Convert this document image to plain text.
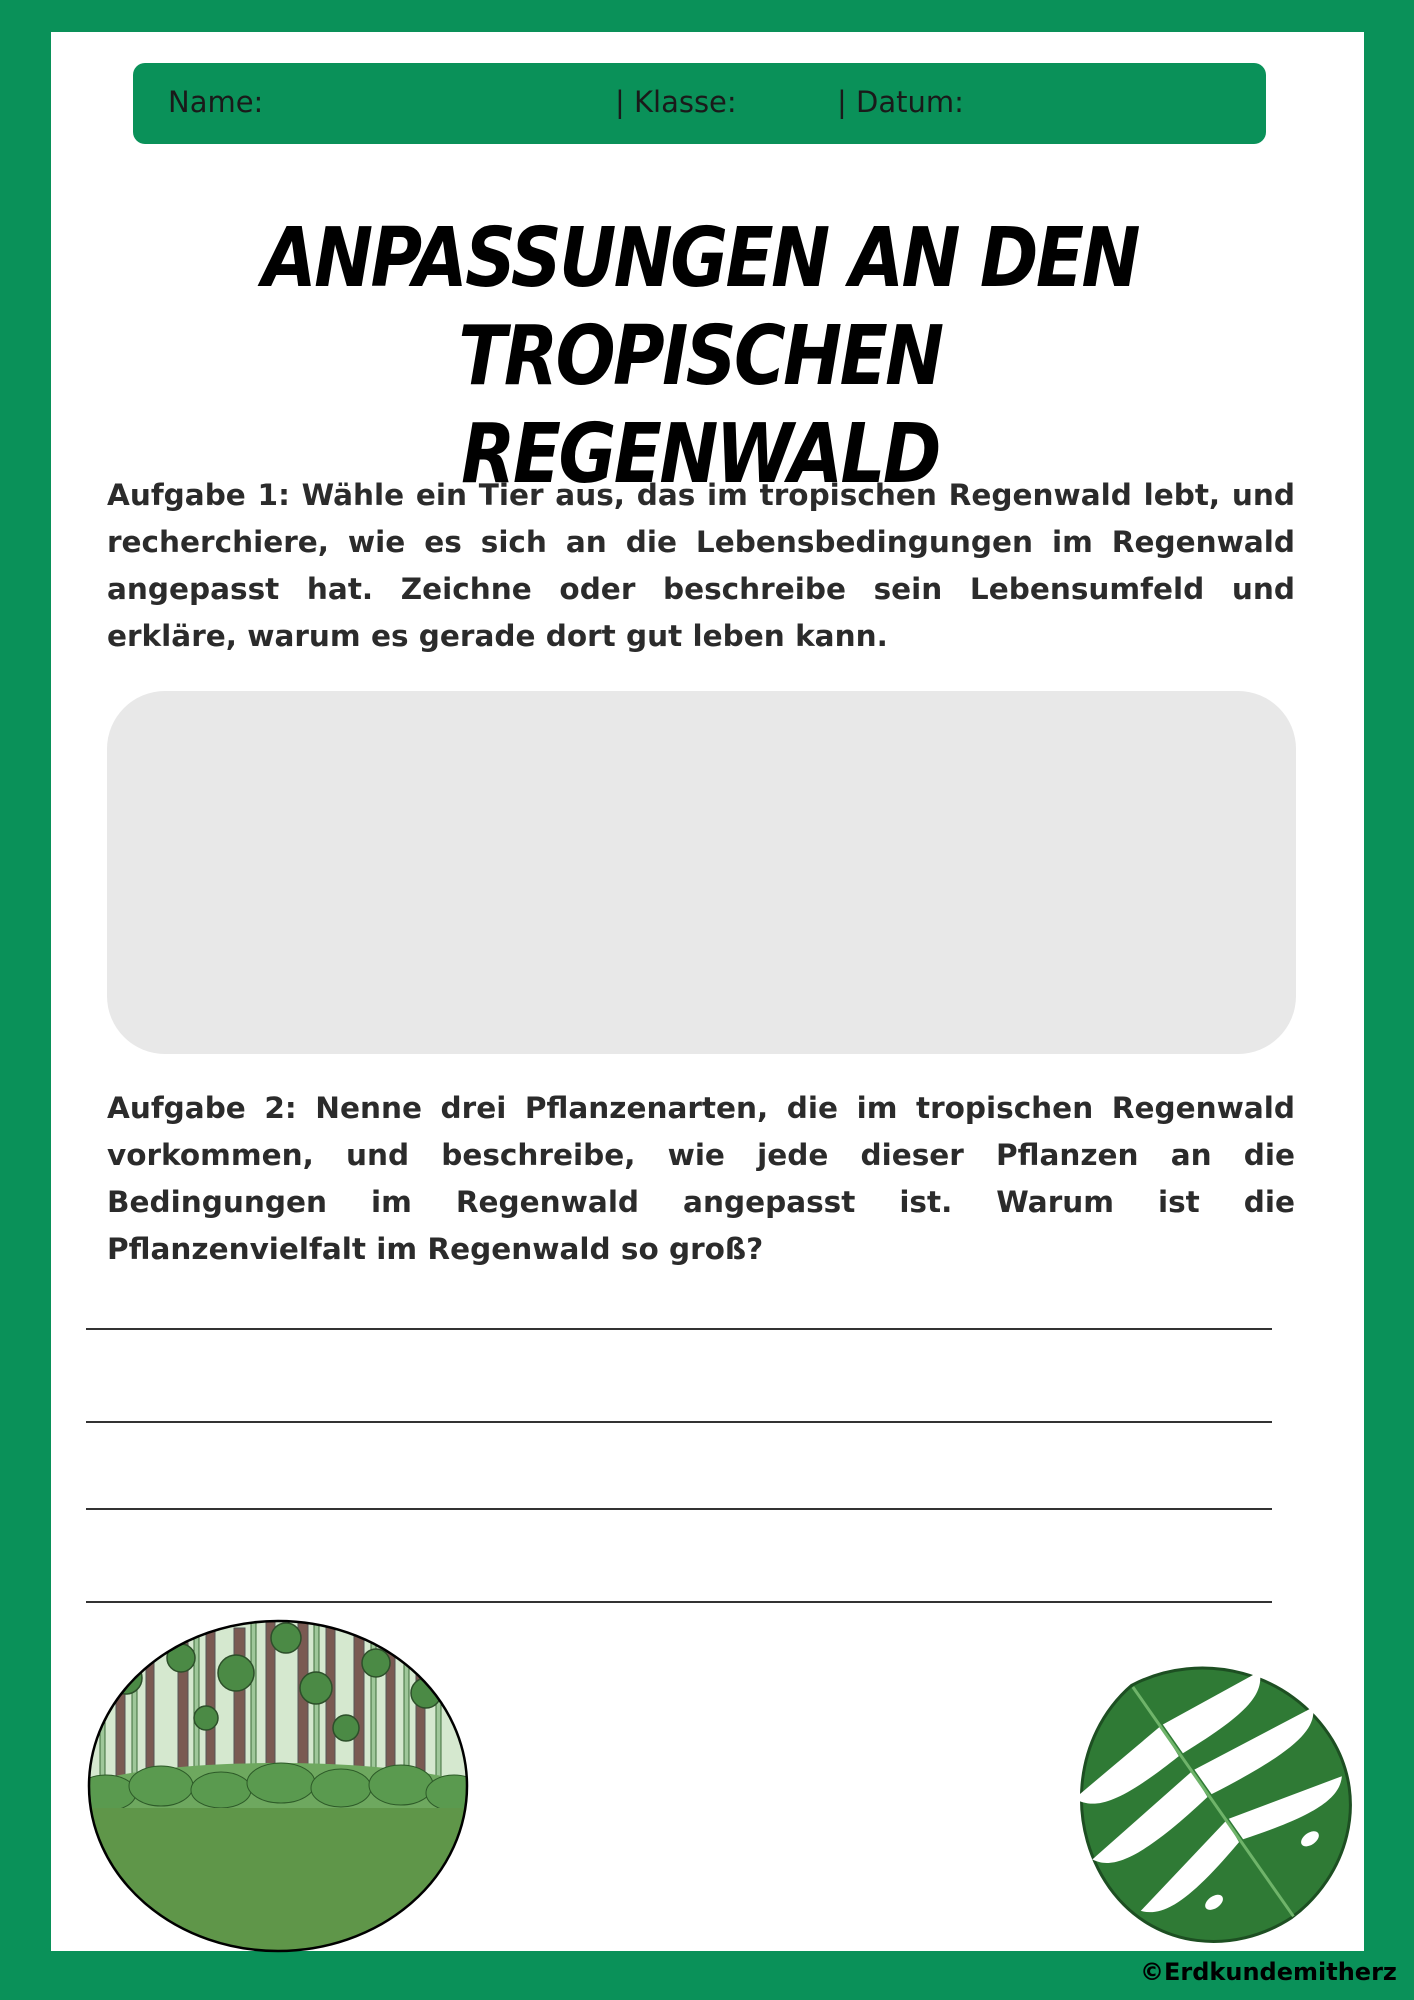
Name:	| Klasse:	| Datum:
ANPASSUNGEN AN DEN
TROPISCHEN REGENWALD
Aufgabe 1: Wähle ein Tier aus, das im tropischen Regenwald lebt, und recherchiere, wie es sich an die Lebensbedingungen im Regenwald angepasst hat. Zeichne oder beschreibe sein Lebensumfeld und erkläre, warum es gerade dort gut leben kann.
Aufgabe 2: Nenne drei Pflanzenarten, die im tropischen Regenwald vorkommen, und beschreibe, wie jede dieser Pflanzen an die Bedingungen im Regenwald angepasst ist. Warum ist die Pflanzenvielfalt im Regenwald so groß?
©Erdkundemitherz
